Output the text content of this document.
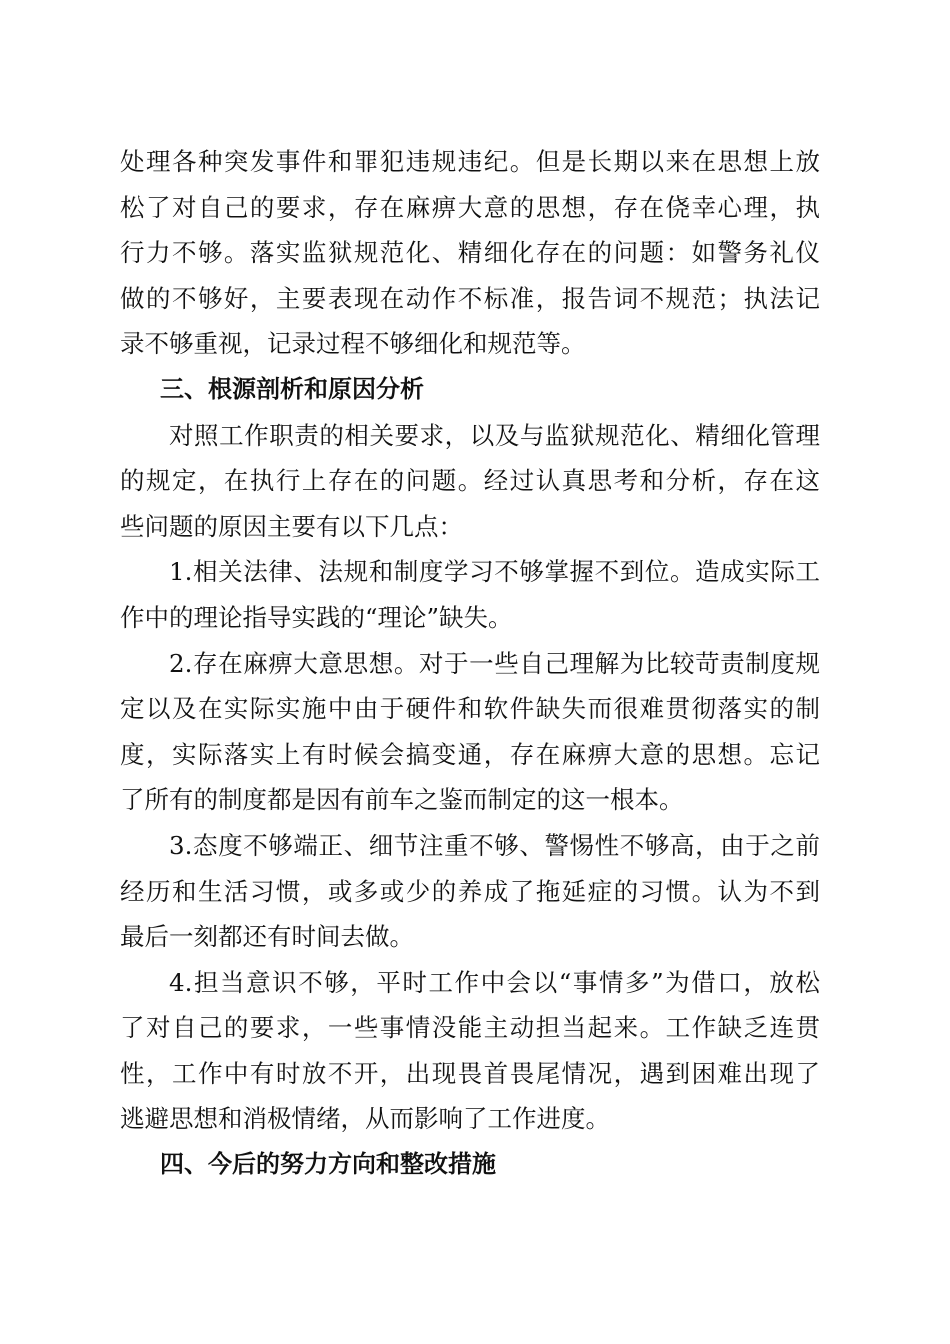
处理各种突发事件和罪犯违规违纪。但是长期以来在思想上放
松了对自己的要求，存在麻痹大意的思想，存在侥幸心理，执
行力不够。落实监狱规范化、精细化存在的问题：如警务礼仪
做的不够好，主要表现在动作不标准，报告词不规范；执法记
录不够重视，记录过程不够细化和规范等。
三、根源剖析和原因分析
对照工作职责的相关要求，以及与监狱规范化、精细化管理
的规定，在执行上存在的问题。经过认真思考和分析，存在这
些问题的原因主要有以下几点：
1.相关法律、法规和制度学习不够掌握不到位。造成实际工
作中的理论指导实践的“理论”缺失。
2.存在麻痹大意思想。对于一些自己理解为比较苛责制度规
定以及在实际实施中由于硬件和软件缺失而很难贯彻落实的制
度，实际落实上有时候会搞变通，存在麻痹大意的思想。忘记
了所有的制度都是因有前车之鉴而制定的这一根本。
3.态度不够端正、细节注重不够、警惕性不够高，由于之前
经历和生活习惯，或多或少的养成了拖延症的习惯。认为不到
最后一刻都还有时间去做。
4.担当意识不够，平时工作中会以“事情多”为借口，放松
了对自己的要求，一些事情没能主动担当起来。工作缺乏连贯
性，工作中有时放不开，出现畏首畏尾情况，遇到困难出现了
逃避思想和消极情绪，从而影响了工作进度。
四、今后的努力方向和整改措施
